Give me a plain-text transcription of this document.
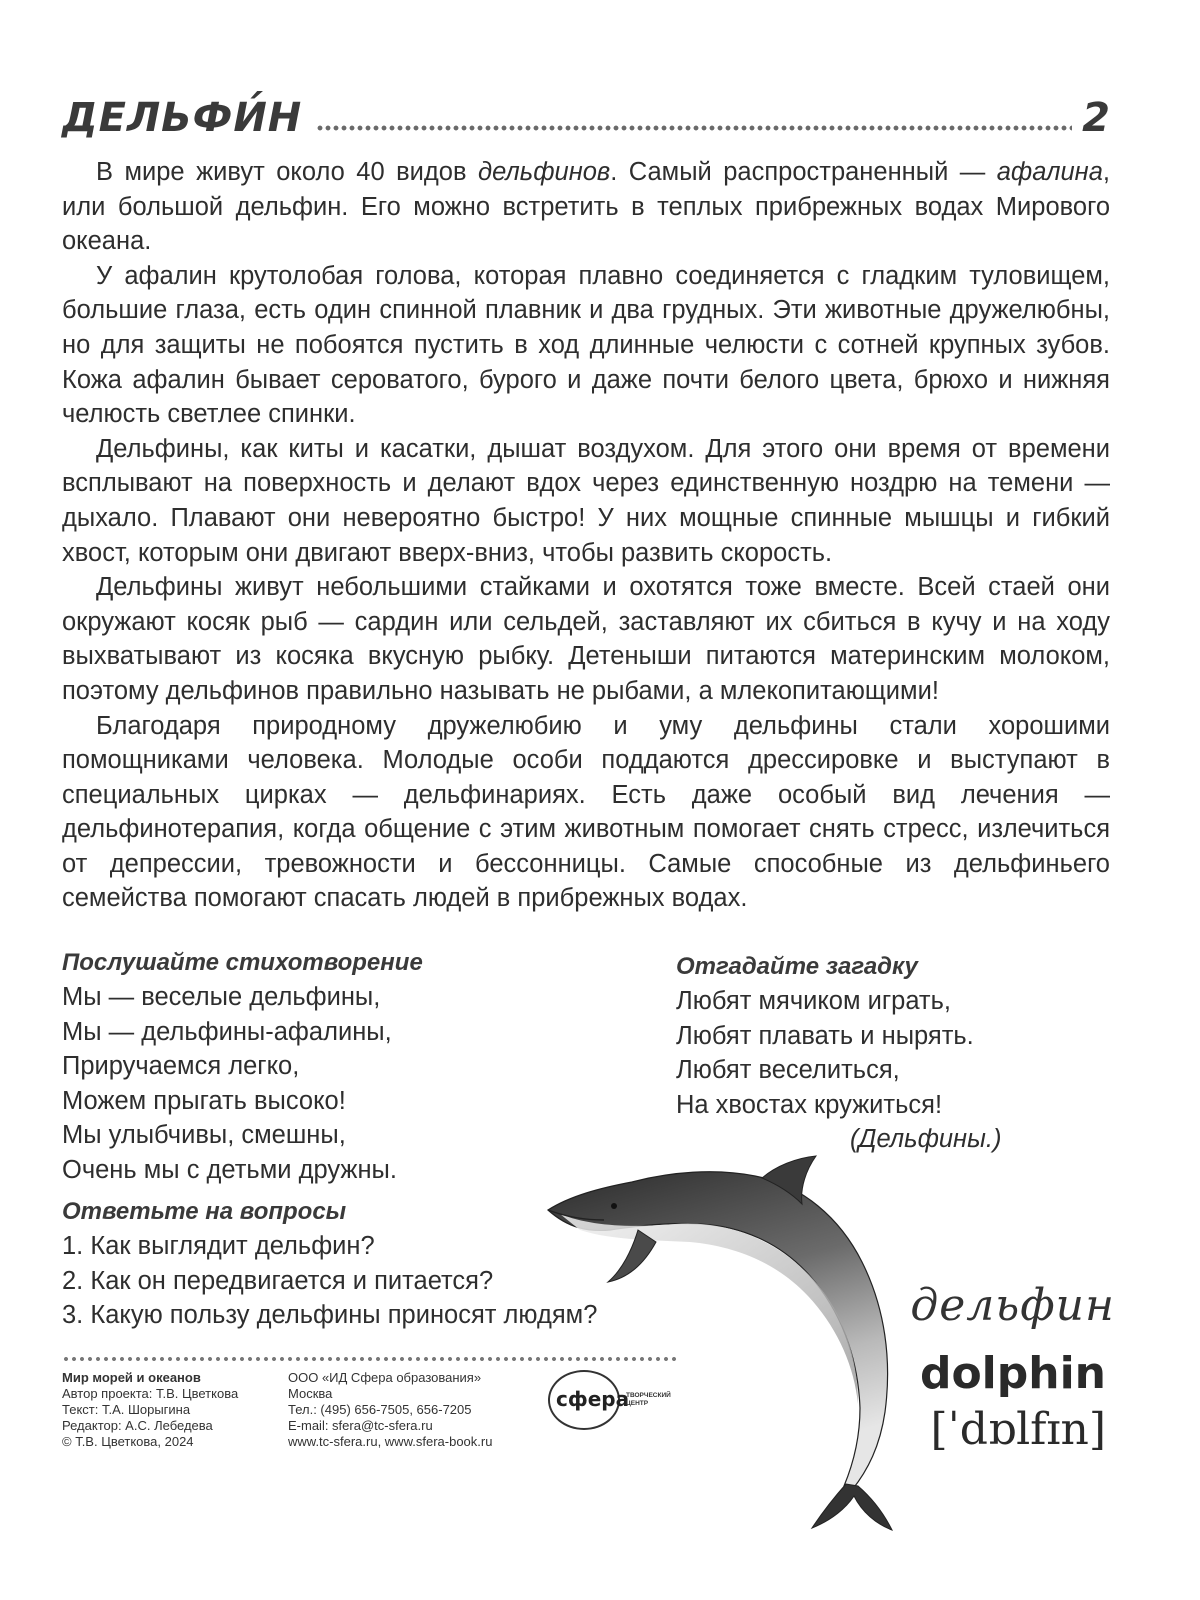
ДЕЛЬФИ́Н	2

В мире живут около 40 видов дельфинов. Самый распространенный — афалина, или большой дельфин. Его можно встретить в теплых прибрежных водах Мирового океана.

У афалин крутолобая голова, которая плавно соединяется с гладким туловищем, большие глаза, есть один спинной плавник и два грудных. Эти животные дружелюбны, но для защиты не побоятся пустить в ход длинные челюсти с сотней крупных зубов. Кожа афалин бывает сероватого, бурого и даже почти белого цвета, брюхо и нижняя челюсть светлее спинки.

Дельфины, как киты и касатки, дышат воздухом. Для этого они время от времени всплывают на поверхность и делают вдох через единственную ноздрю на темени — дыхало. Плавают они невероятно быстро! У них мощные спинные мышцы и гибкий хвост, которым они двигают вверх-вниз, чтобы развить скорость.

Дельфины живут небольшими стайками и охотятся тоже вместе. Всей стаей они окружают косяк рыб — сардин или сельдей, заставляют их сбиться в кучу и на ходу выхватывают из косяка вкусную рыбку. Детеныши питаются материнским молоком, поэтому дельфинов правильно называть не рыбами, а млекопитающими!

Благодаря природному дружелюбию и уму дельфины стали хорошими помощниками человека. Молодые особи поддаются дрессировке и выступают в специальных цирках — дельфинариях. Есть даже особый вид лечения — дельфинотерапия, когда общение с этим животным помогает снять стресс, излечиться от депрессии, тревожности и бессонницы. Самые способные из дельфиньего семейства помогают спасать людей в прибрежных водах.

Послушайте стихотворение
Мы — веселые дельфины,
Мы — дельфины-афалины,
Приручаемся легко,
Можем прыгать высоко!
Мы улыбчивы, смешны,
Очень мы с детьми дружны.
Отгадайте загадку
Любят мячиком играть,
Любят плавать и нырять.
Любят веселиться,
На хвостах кружиться!
(Дельфины.)
Ответьте на вопросы
1. Как выглядит дельфин?
2. Как он передвигается и питается?
3. Какую пользу дельфины приносят людям?	дельфин
dolphin
[ˈdɒlfɪn]
Мир морей и океанов
Автор проекта: Т.В. Цветкова
Текст: Т.А. Шорыгина
Редактор: А.С. Лебедева
© Т.В. Цветкова, 2024
ООО «ИД Сфера образования»
Москва
Тел.: (495) 656-7505, 656-7205
E-mail: sfera@tc-sfera.ru
www.tc-sfera.ru, www.sfera-book.ru
сфера
ТВОРЧЕСКИЙ ЦЕНТР
